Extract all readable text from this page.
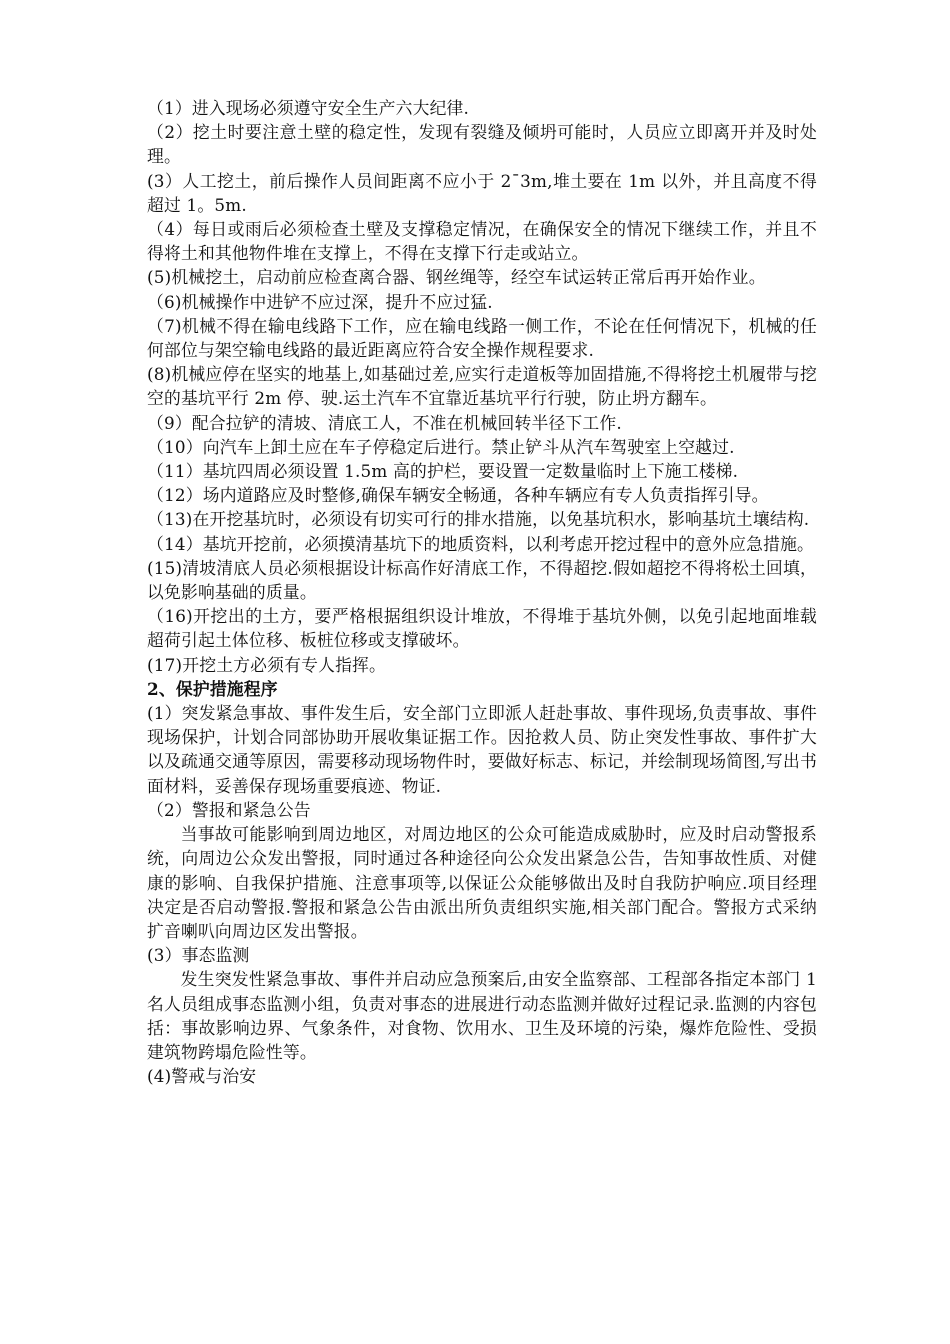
（1）进入现场必须遵守安全生产六大纪律.

（2）挖土时要注意土壁的稳定性，发现有裂缝及倾坍可能时，人员应立即离开并及时处理。

(3）人工挖土，前后操作人员间距离不应小于 2¯3m,堆土要在 1m 以外，并且高度不得超过 1。5m.

（4）每日或雨后必须检查土壁及支撑稳定情况，在确保安全的情况下继续工作，并且不得将土和其他物件堆在支撑上，不得在支撑下行走或站立。

(5)机械挖土，启动前应检查离合器、钢丝绳等，经空车试运转正常后再开始作业。

（6)机械操作中进铲不应过深，提升不应过猛.

（7)机械不得在输电线路下工作，应在输电线路一侧工作，不论在任何情况下，机械的任何部位与架空输电线路的最近距离应符合安全操作规程要求.

(8)机械应停在坚实的地基上,如基础过差,应实行走道板等加固措施,不得将挖土机履带与挖空的基坑平行 2m 停、驶.运土汽车不宜靠近基坑平行行驶，防止坍方翻车。

（9）配合拉铲的清坡、清底工人，不准在机械回转半径下工作.

（10）向汽车上卸土应在车子停稳定后进行。禁止铲斗从汽车驾驶室上空越过.

（11）基坑四周必须设置 1.5m 高的护栏，要设置一定数量临时上下施工楼梯.

（12）场内道路应及时整修,确保车辆安全畅通，各种车辆应有专人负责指挥引导。

（13)在开挖基坑时，必须设有切实可行的排水措施，以免基坑积水，影响基坑土壤结构.

（14）基坑开挖前，必须摸清基坑下的地质资料，以利考虑开挖过程中的意外应急措施。

(15)清坡清底人员必须根据设计标高作好清底工作，不得超挖.假如超挖不得将松土回填，以免影响基础的质量。

（16)开挖出的土方，要严格根据组织设计堆放，不得堆于基坑外侧，以免引起地面堆载超荷引起土体位移、板桩位移或支撑破坏。

(17)开挖土方必须有专人指挥。

2、保护措施程序

(1）突发紧急事故、事件发生后，安全部门立即派人赶赴事故、事件现场,负责事故、事件现场保护，计划合同部协助开展收集证据工作。因抢救人员、防止突发性事故、事件扩大以及疏通交通等原因，需要移动现场物件时，要做好标志、标记，并绘制现场简图,写出书面材料，妥善保存现场重要痕迹、物证.

（2）警报和紧急公告

当事故可能影响到周边地区，对周边地区的公众可能造成威胁时，应及时启动警报系统，向周边公众发出警报，同时通过各种途径向公众发出紧急公告，告知事故性质、对健康的影响、自我保护措施、注意事项等,以保证公众能够做出及时自我防护响应.项目经理决定是否启动警报.警报和紧急公告由派出所负责组织实施,相关部门配合。警报方式采纳扩音喇叭向周边区发出警报。

(3）事态监测

发生突发性紧急事故、事件并启动应急预案后,由安全监察部、工程部各指定本部门 1 名人员组成事态监测小组，负责对事态的进展进行动态监测并做好过程记录.监测的内容包括：事故影响边界、气象条件，对食物、饮用水、卫生及环境的污染，爆炸危险性、受损建筑物跨塌危险性等。

(4)警戒与治安
